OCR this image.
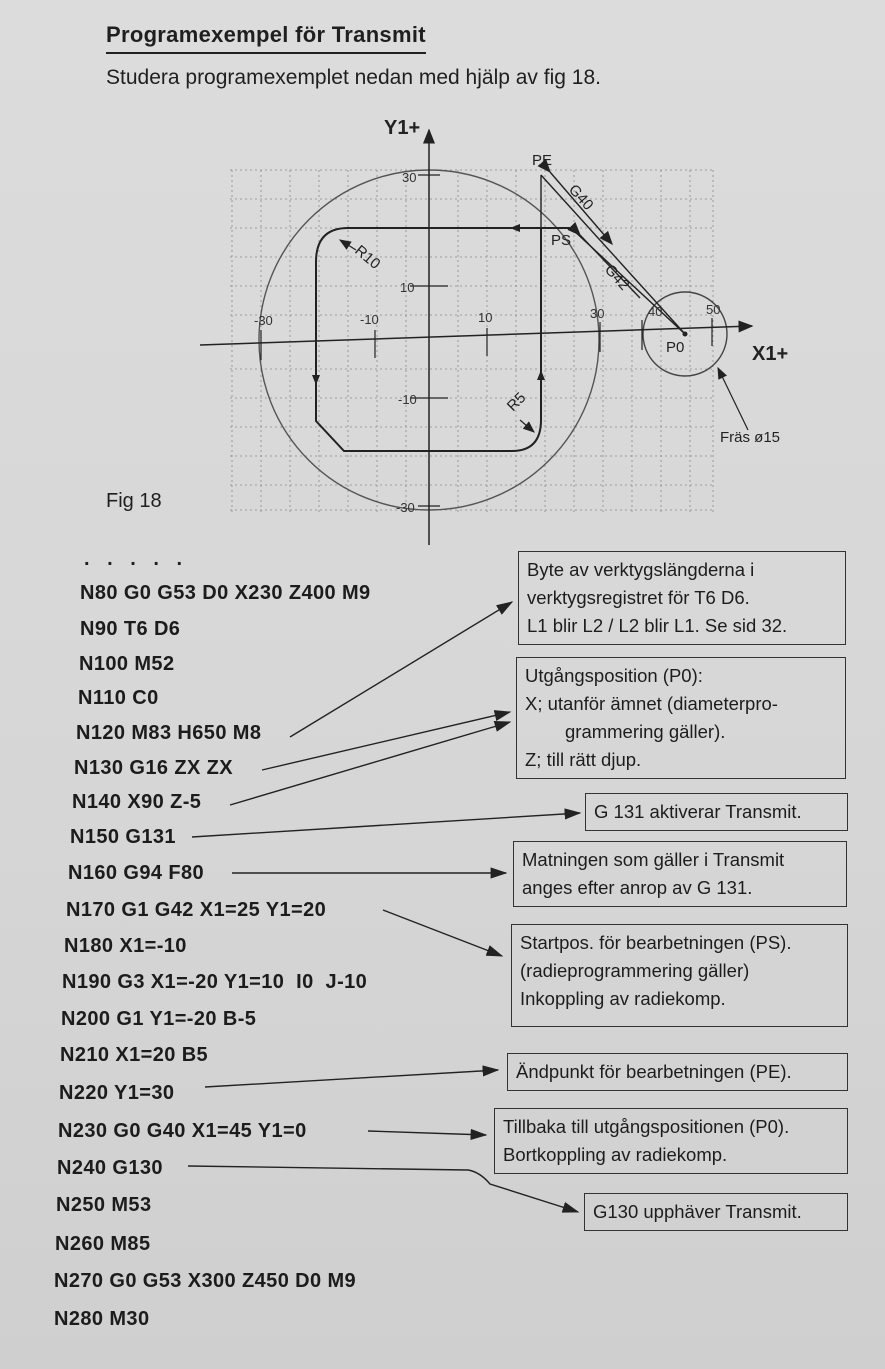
Programexempel för Transmit
Studera programexemplet nedan med hjälp av fig 18.
Y1+
X1+
30
10
-10
-30
-30	-10	10	30	40	50
PE
PS
P0
G40
G42
R10
R5
Fräs ø15
Fig 18
. . . . .
N80 G0 G53 D0 X230 Z400 M9
N90 T6 D6
N100 M52
N110 C0
N120 M83 H650 M8
N130 G16 ZX ZX
N140 X90 Z-5
N150 G131
N160 G94 F80
N170 G1 G42 X1=25 Y1=20
N180 X1=-10
N190 G3 X1=-20 Y1=10  I0  J-10
N200 G1 Y1=-20 B-5
N210 X1=20 B5
N220 Y1=30
N230 G0 G40 X1=45 Y1=0
N240 G130
N250 M53
N260 M85
N270 G0 G53 X300 Z450 D0 M9
N280 M30
Byte av verktygslängderna i
verktygsregistret för T6 D6.
L1 blir L2 / L2 blir L1. Se sid 32.
Utgångsposition (P0):
X; utanför ämnet (diameterpro-
grammering gäller).
Z; till rätt djup.
G 131 aktiverar Transmit.
Matningen som gäller i Transmit
anges efter anrop av G 131.
Startpos. för bearbetningen (PS).
(radieprogrammering gäller)
Inkoppling av radiekomp.
Ändpunkt för bearbetningen (PE).
Tillbaka till utgångspositionen (P0).
Bortkoppling av radiekomp.
G130 upphäver Transmit.
